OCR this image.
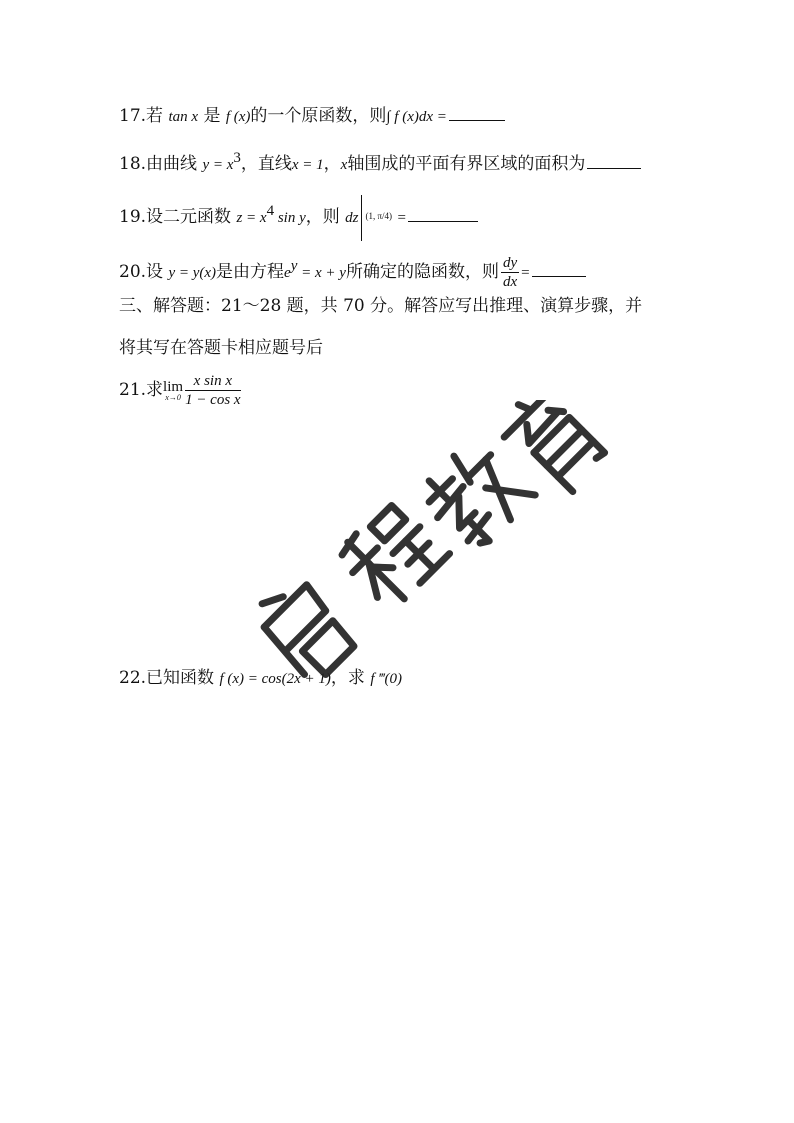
17.若 tan x 是 f (x)的一个原函数，则∫ f (x)dx =
18.由曲线 $y = x^3$，直线x = 1，x轴围成的平面有界区域的面积为
19.设二元函数 $z = x^4$ sin y，则 dz (1, π/4) =
20.设 y = y(x)是由方程$e^y = x + y$所确定的隐函数，则 $\frac{dy}{dx}$ =
三、解答题：21～28 题，共 70 分。解答应写出推理、演算步骤，并
将其写在答题卡相应题号后
21.求lim
$x\to 0 \frac{\text{x sin x}}{\text{1 − cos x}}$
22.已知函数 f (x) = cos(2x + 1)，求 f ‴(0)
